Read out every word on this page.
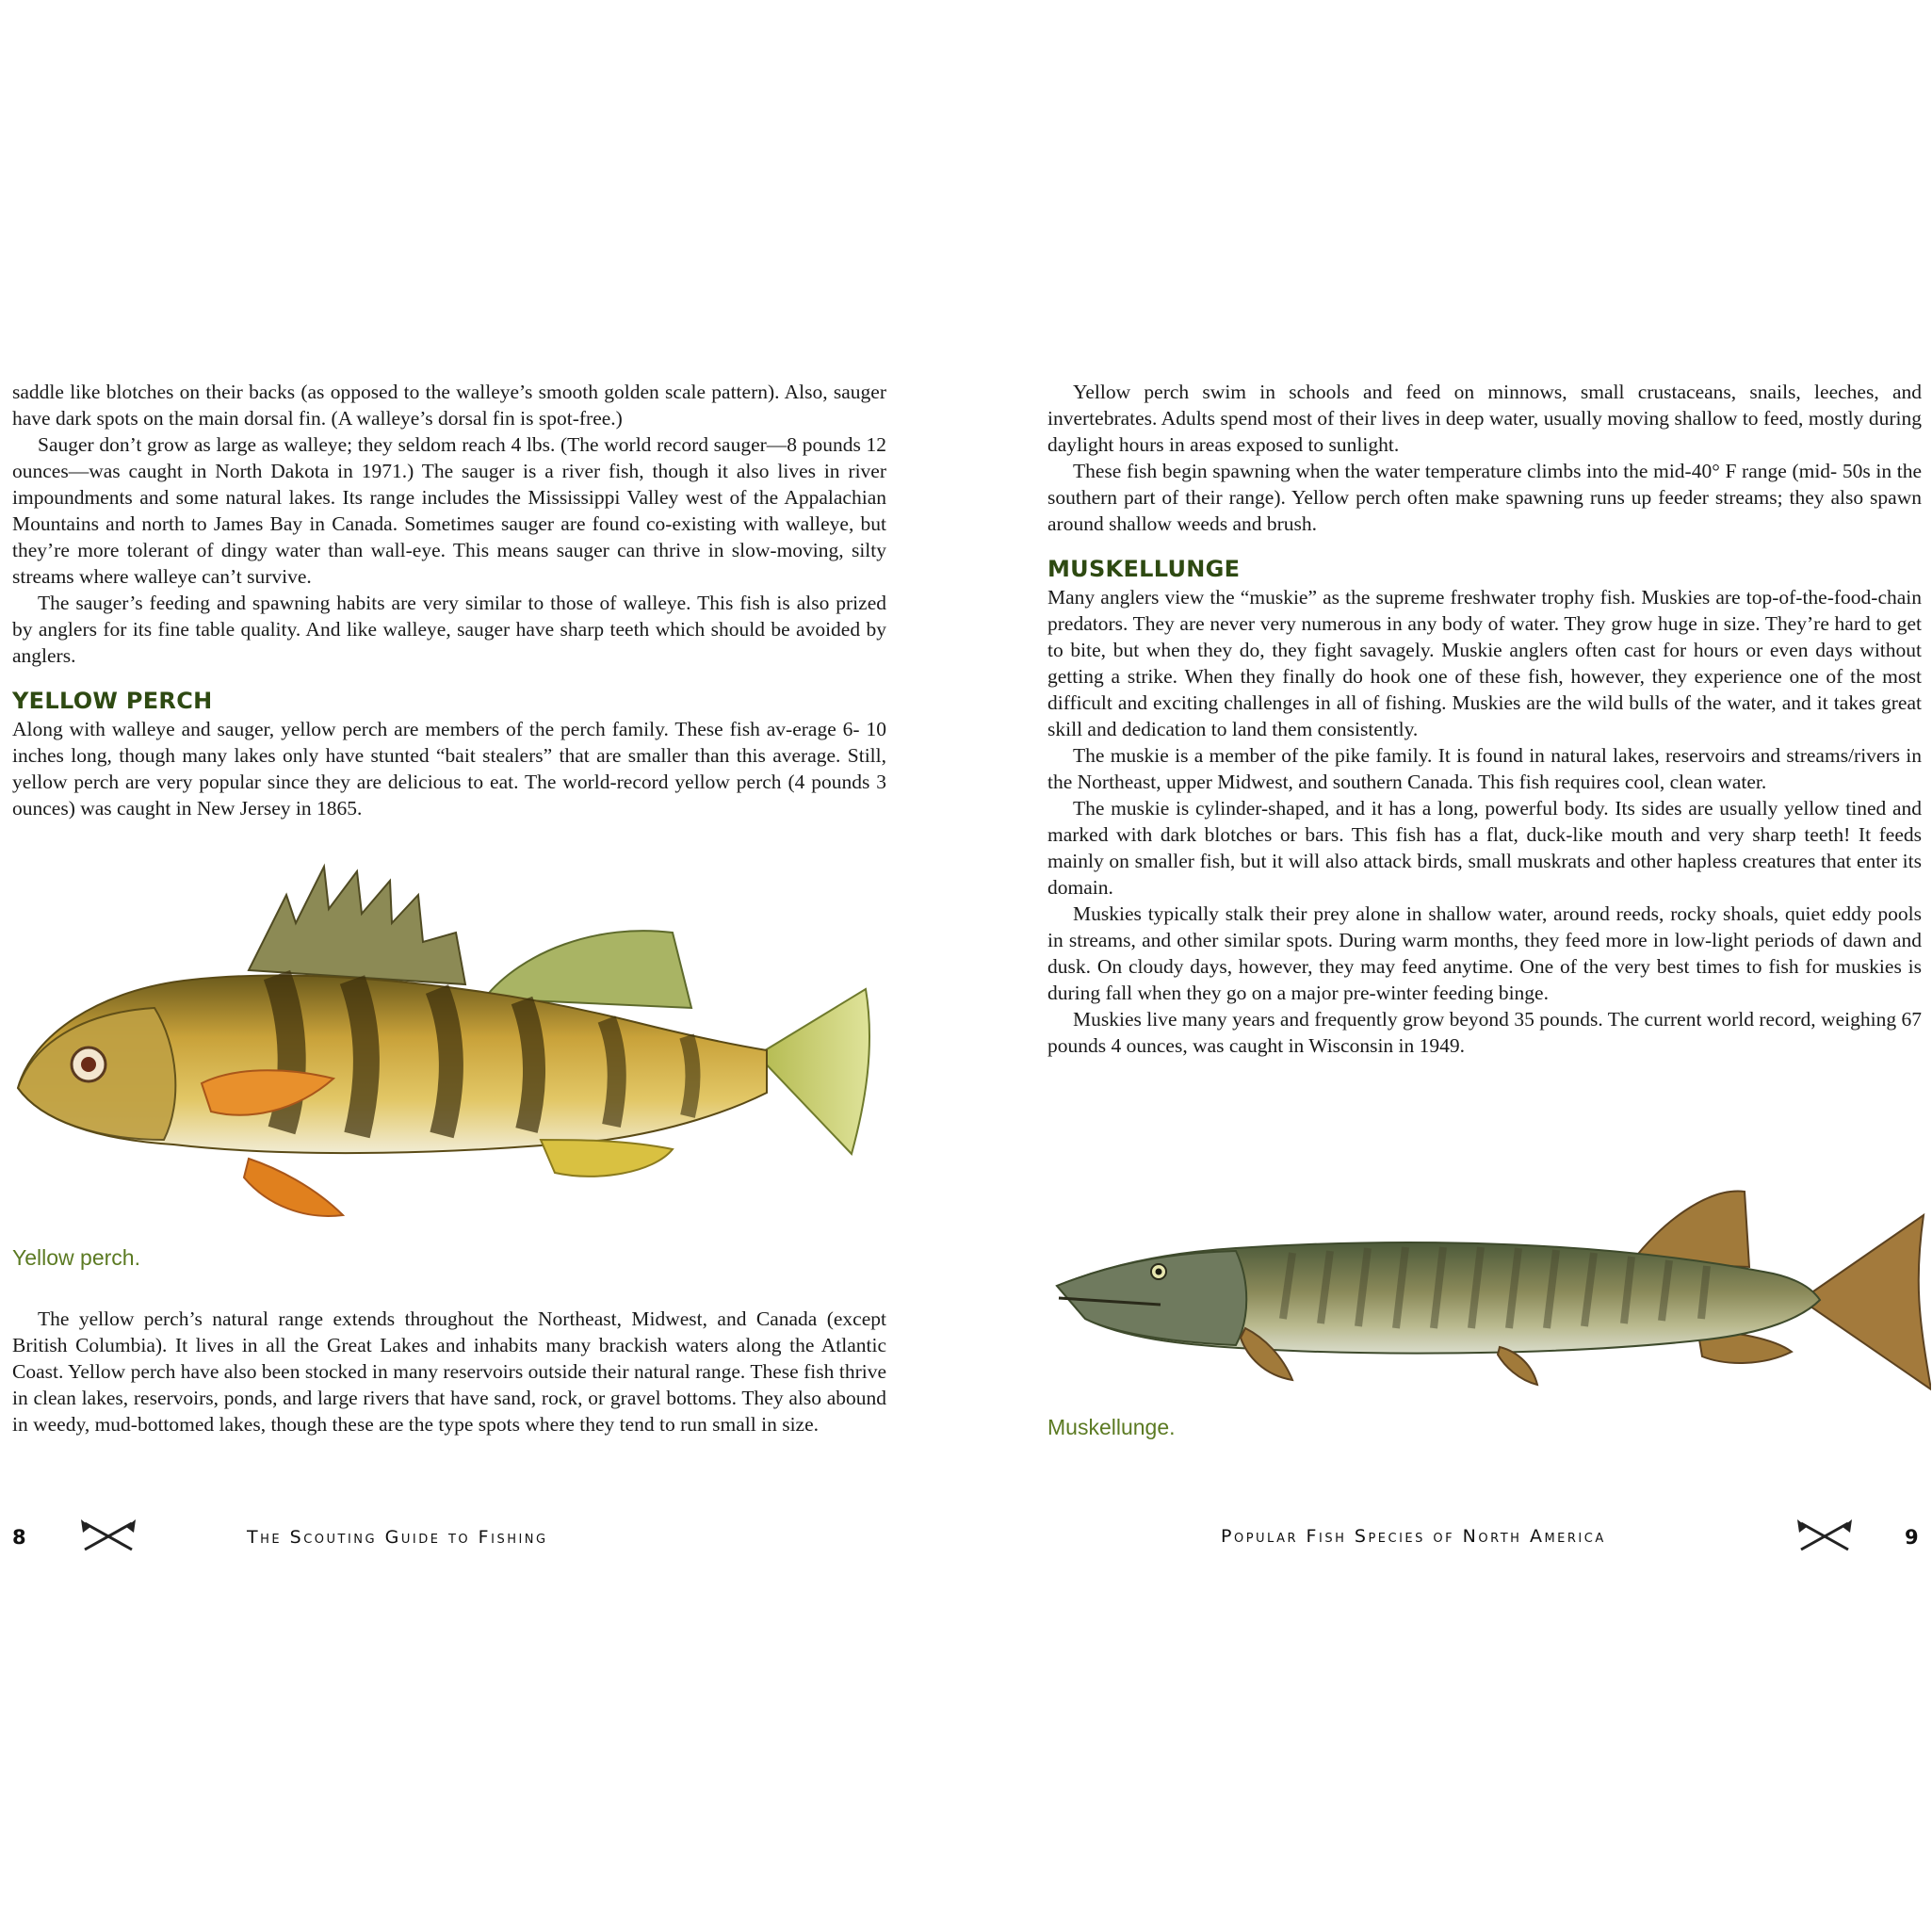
saddle like blotches on their backs (as opposed to the walleye’s smooth golden scale pattern). Also, sauger have dark spots on the main dorsal fin. (A walleye’s dorsal fin is spot-free.)

Sauger don’t grow as large as walleye; they seldom reach 4 lbs. (The world record sauger—8 pounds 12 ounces—was caught in North Dakota in 1971.) The sauger is a river fish, though it also lives in river impoundments and some natural lakes. Its range includes the Mississippi Valley west of the Appalachian Mountains and north to James Bay in Canada. Sometimes sauger are found co-existing with walleye, but they’re more tolerant of dingy water than wall-eye. This means sauger can thrive in slow-moving, silty streams where walleye can’t survive.

The sauger’s feeding and spawning habits are very similar to those of walleye. This fish is also prized by anglers for its fine table quality. And like walleye, sauger have sharp teeth which should be avoided by anglers.

YELLOW PERCH

Along with walleye and sauger, yellow perch are members of the perch family. These fish av-erage 6- 10 inches long, though many lakes only have stunted “bait stealers” that are smaller than this average. Still, yellow perch are very popular since they are delicious to eat. The world-record yellow perch (4 pounds 3 ounces) was caught in New Jersey in 1865.

Yellow perch.

The yellow perch’s natural range extends throughout the Northeast, Midwest, and Canada (except British Columbia). It lives in all the Great Lakes and inhabits many brackish waters along the Atlantic Coast. Yellow perch have also been stocked in many reservoirs outside their natural range. These fish thrive in clean lakes, reservoirs, ponds, and large rivers that have sand, rock, or gravel bottoms. They also abound in weedy, mud-bottomed lakes, though these are the type spots where they tend to run small in size.

8	The Scouting Guide to Fishing

Yellow perch swim in schools and feed on minnows, small crustaceans, snails, leeches, and invertebrates. Adults spend most of their lives in deep water, usually moving shallow to feed, mostly during daylight hours in areas exposed to sunlight.

These fish begin spawning when the water temperature climbs into the mid-40° F range (mid- 50s in the southern part of their range). Yellow perch often make spawning runs up feeder streams; they also spawn around shallow weeds and brush.

MUSKELLUNGE

Many anglers view the “muskie” as the supreme freshwater trophy fish. Muskies are top-of-the-food-chain predators. They are never very numerous in any body of water. They grow huge in size. They’re hard to get to bite, but when they do, they fight savagely. Muskie anglers often cast for hours or even days without getting a strike. When they finally do hook one of these fish, however, they experience one of the most difficult and exciting challenges in all of fishing. Muskies are the wild bulls of the water, and it takes great skill and dedication to land them consistently.

The muskie is a member of the pike family. It is found in natural lakes, reservoirs and streams/rivers in the Northeast, upper Midwest, and southern Canada. This fish requires cool, clean water.

The muskie is cylinder-shaped, and it has a long, powerful body. Its sides are usually yellow tined and marked with dark blotches or bars. This fish has a flat, duck-like mouth and very sharp teeth! It feeds mainly on smaller fish, but it will also attack birds, small muskrats and other hapless creatures that enter its domain.

Muskies typically stalk their prey alone in shallow water, around reeds, rocky shoals, quiet eddy pools in streams, and other similar spots. During warm months, they feed more in low-light periods of dawn and dusk. On cloudy days, however, they may feed anytime. One of the very best times to fish for muskies is during fall when they go on a major pre-winter feeding binge.

Muskies live many years and frequently grow beyond 35 pounds. The current world record, weighing 67 pounds 4 ounces, was caught in Wisconsin in 1949.

Muskellunge.
Popular Fish Species of North America	9
